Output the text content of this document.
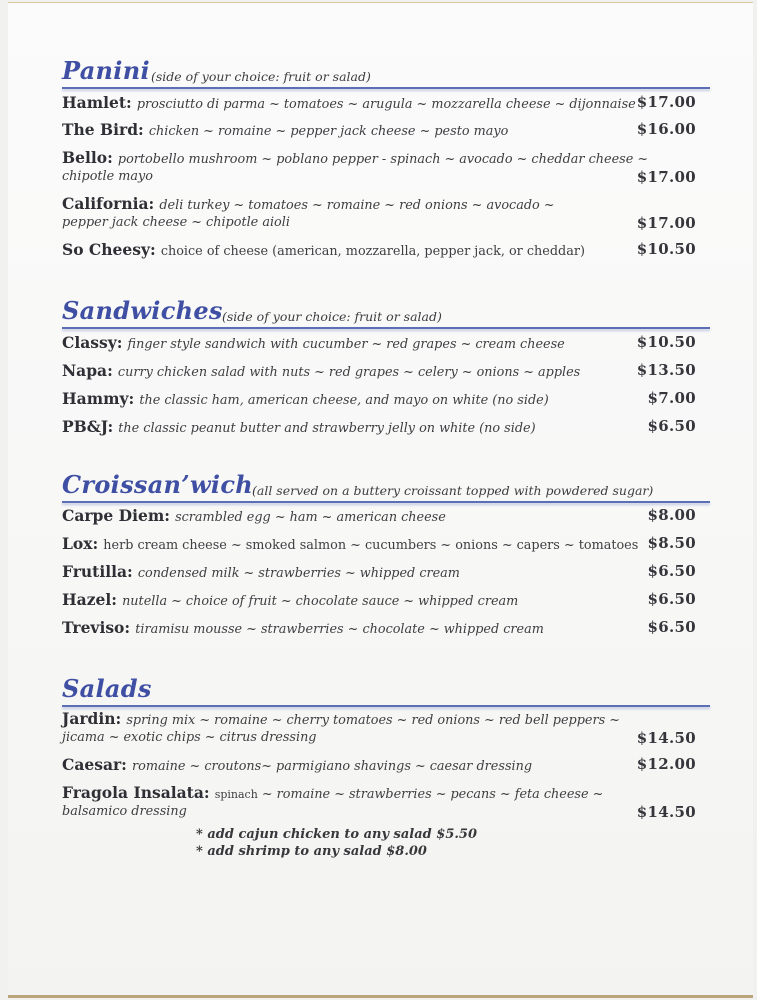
Panini (side of your choice: fruit or salad)
Hamlet: prosciutto di parma ~ tomatoes ~ arugula ~ mozzarella cheese ~ dijonnaise $17.00
The Bird: chicken ~ romaine ~ pepper jack cheese ~ pesto mayo	$16.00
Bello: portobello mushroom ~ poblano pepper - spinach ~ avocado ~ cheddar cheese ~
chipotle mayo	$17.00
California: deli turkey ~ tomatoes ~ romaine ~ red onions ~ avocado ~
pepper jack cheese ~ chipotle aioli	$17.00
So Cheesy: choice of cheese (american, mozzarella, pepper jack, or cheddar)	$10.50
Sandwiches (side of your choice: fruit or salad)
Classy: finger style sandwich with cucumber ~ red grapes ~ cream cheese	$10.50
Napa: curry chicken salad with nuts ~ red grapes ~ celery ~ onions ~ apples	$13.50
Hammy: the classic ham, american cheese, and mayo on white (no side)	$7.00
PB&J: the classic peanut butter and strawberry jelly on white (no side)	$6.50
Croissan’wich (all served on a buttery croissant topped with powdered sugar)
Carpe Diem: scrambled egg ~ ham ~ american cheese	$8.00
Lox: herb cream cheese ~ smoked salmon ~ cucumbers ~ onions ~ capers ~ tomatoes $8.50
Frutilla: condensed milk ~ strawberries ~ whipped cream	$6.50
Hazel: nutella ~ choice of fruit ~ chocolate sauce ~ whipped cream	$6.50
Treviso: tiramisu mousse ~ strawberries ~ chocolate ~ whipped cream	$6.50
Salads
Jardin: spring mix ~ romaine ~ cherry tomatoes ~ red onions ~ red bell peppers ~
jicama ~ exotic chips ~ citrus dressing	$14.50
Caesar: romaine ~ croutons~ parmigiano shavings ~ caesar dressing	$12.00
Fragola Insalata: spinach ~ romaine ~ strawberries ~ pecans ~ feta cheese ~
balsamico dressing	$14.50
* add cajun chicken to any salad $5.50
* add shrimp to any salad $8.00
